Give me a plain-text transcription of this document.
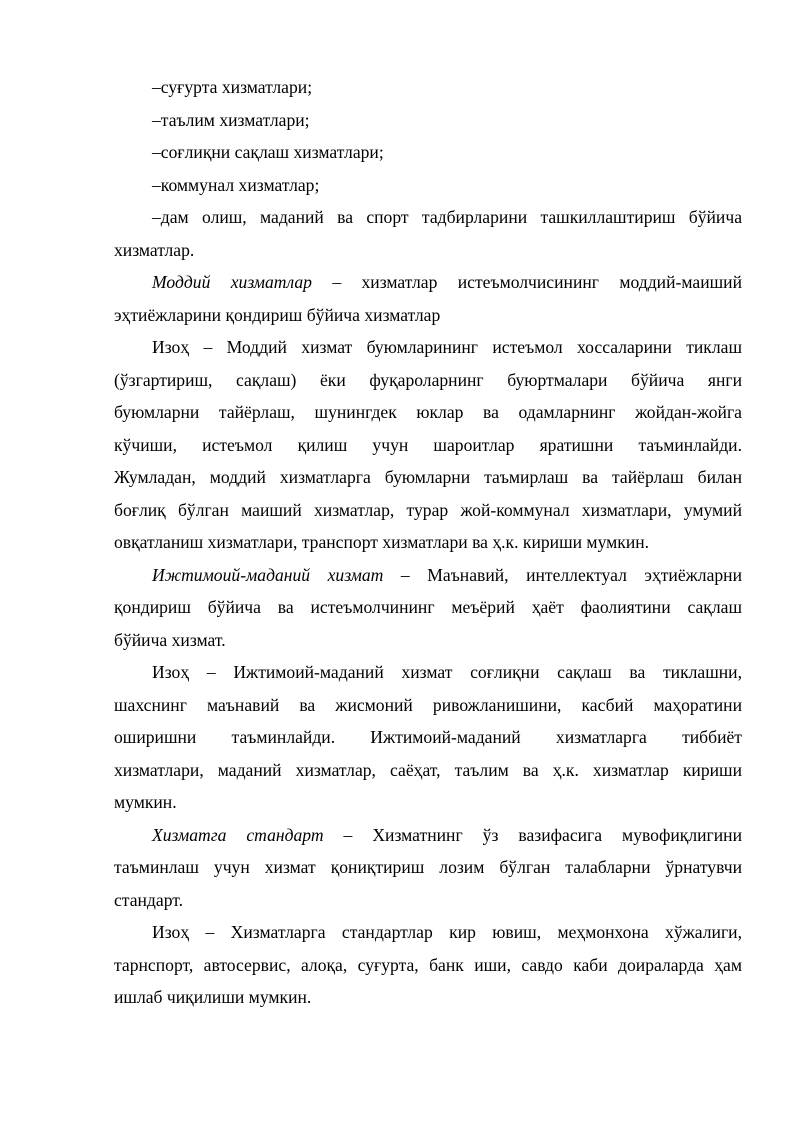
–суғурта хизматлари;
–таълим хизматлари;
–соғлиқни сақлаш хизматлари;
–коммунал хизматлар;
–дам олиш, маданий ва спорт тадбирларини ташкиллаштириш бўйича
хизматлар.
Моддий хизматлар – хизматлар истеъмолчисининг моддий-маиший
эҳтиёжларини қондириш бўйича хизматлар
Изоҳ – Моддий хизмат буюмларининг истеъмол хоссаларини тиклаш
(ўзгартириш, сақлаш) ёки фуқароларнинг буюртмалари бўйича янги
буюмларни тайёрлаш, шунингдек юклар ва одамларнинг жойдан-жойга
кўчиши, истеъмол қилиш учун шароитлар яратишни таъминлайди.
Жумладан, моддий хизматларга буюмларни таъмирлаш ва тайёрлаш билан
боғлиқ бўлган маиший хизматлар, турар жой-коммунал хизматлари, умумий
овқатланиш хизматлари, транспорт хизматлари ва ҳ.к. кириши мумкин.
Ижтимоий-маданий хизмат – Маънавий, интеллектуал эҳтиёжларни
қондириш бўйича ва истеъмолчининг меъёрий ҳаёт фаолиятини сақлаш
бўйича хизмат.
Изоҳ – Ижтимоий-маданий хизмат соғлиқни сақлаш ва тиклашни,
шахснинг маънавий ва жисмоний ривожланишини, касбий маҳоратини
оширишни таъминлайди. Ижтимоий-маданий хизматларга тиббиёт
хизматлари, маданий хизматлар, саёҳат, таълим ва ҳ.к. хизматлар кириши
мумкин.
Хизматга стандарт – Хизматнинг ўз вазифасига мувофиқлигини
таъминлаш учун хизмат қониқтириш лозим бўлган талабларни ўрнатувчи
стандарт.
Изоҳ – Хизматларга стандартлар кир ювиш, меҳмонхона хўжалиги,
тарнспорт, автосервис, алоқа, суғурта, банк иши, савдо каби доираларда ҳам
ишлаб чиқилиши мумкин.
